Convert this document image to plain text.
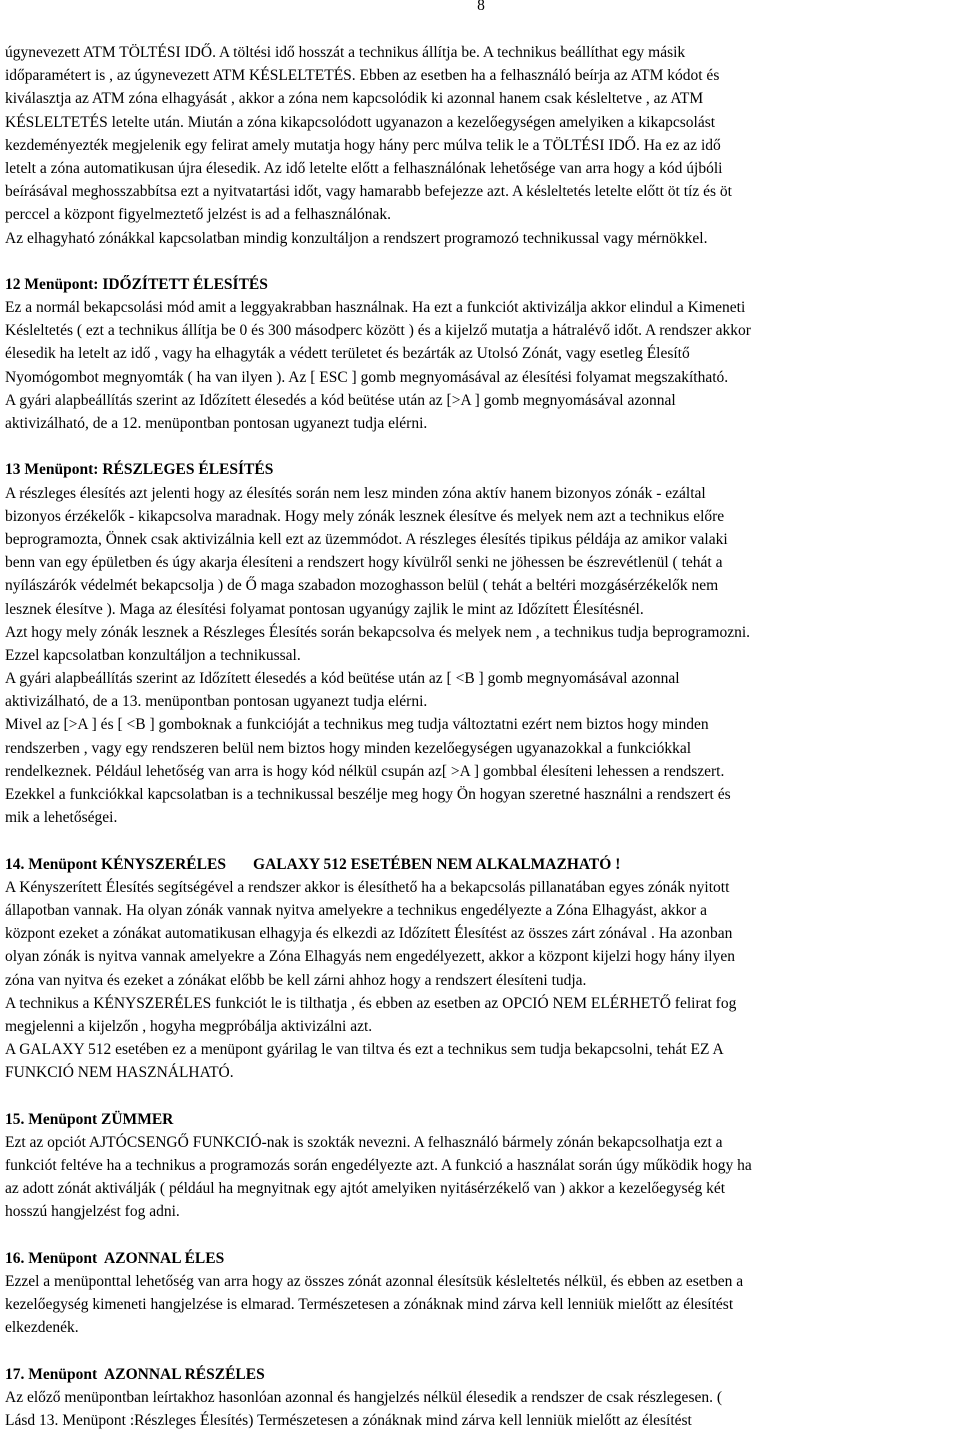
8
úgynevezett ATM TÖLTÉSI IDŐ. A töltési idő hosszát a technikus állítja be. A technikus beállíthat egy másik
időparamétert is , az úgynevezett ATM KÉSLELTETÉS. Ebben az esetben ha a felhasználó beírja az ATM kódot és
kiválasztja az ATM zóna elhagyását , akkor a zóna nem kapcsolódik ki azonnal hanem csak késleltetve , az ATM
KÉSLELTETÉS letelte után. Miután a zóna kikapcsolódott ugyanazon a kezelőegységen amelyiken a kikapcsolást
kezdeményezték megjelenik egy felirat amely mutatja hogy hány perc múlva telik le a TÖLTÉSI IDŐ. Ha ez az idő
letelt a zóna automatikusan újra élesedik. Az idő letelte előtt a felhasználónak lehetősége van arra hogy a kód újbóli
beírásával meghosszabbítsa ezt a nyitvatartási időt, vagy hamarabb befejezze azt. A késleltetés letelte előtt öt tíz és öt
perccel a központ figyelmeztető jelzést is ad a felhasználónak.
Az elhagyható zónákkal kapcsolatban mindig konzultáljon a rendszert programozó technikussal vagy mérnökkel.
12 Menüpont: IDŐZÍTETT ÉLESÍTÉS
Ez a normál bekapcsolási mód amit a leggyakrabban használnak. Ha ezt a funkciót aktivizálja akkor elindul a Kimeneti
Késleltetés ( ezt a technikus állítja be 0 és 300 másodperc között ) és a kijelző mutatja a hátralévő időt. A rendszer akkor
élesedik ha letelt az idő , vagy ha elhagyták a védett területet és bezárták az Utolsó Zónát, vagy esetleg Élesítő
Nyomógombot megnyomták ( ha van ilyen ). Az [ ESC ] gomb megnyomásával az élesítési folyamat megszakítható.
A gyári alapbeállítás szerint az Időzített élesedés a kód beütése után az [>A ] gomb megnyomásával azonnal
aktivizálható, de a 12. menüpontban pontosan ugyanezt tudja elérni.
13 Menüpont: RÉSZLEGES ÉLESÍTÉS
A részleges élesítés azt jelenti hogy az élesítés során nem lesz minden zóna aktív hanem bizonyos zónák - ezáltal
bizonyos érzékelők - kikapcsolva maradnak. Hogy mely zónák lesznek élesítve és melyek nem azt a technikus előre
beprogramozta, Önnek csak aktivizálnia kell ezt az üzemmódot. A részleges élesítés tipikus példája az amikor valaki
benn van egy épületben és úgy akarja élesíteni a rendszert hogy kívülről senki ne jöhessen be észrevétlenül ( tehát a
nyílászárók védelmét bekapcsolja ) de Ő maga szabadon mozoghasson belül ( tehát a beltéri mozgásérzékelők nem
lesznek élesítve ). Maga az élesítési folyamat pontosan ugyanúgy zajlik le mint az Időzített Élesítésnél.
Azt hogy mely zónák lesznek a Részleges Élesítés során bekapcsolva és melyek nem , a technikus tudja beprogramozni.
Ezzel kapcsolatban konzultáljon a technikussal.
A gyári alapbeállítás szerint az Időzített élesedés a kód beütése után az [ <B ] gomb megnyomásával azonnal
aktivizálható, de a 13. menüpontban pontosan ugyanezt tudja elérni.
Mivel az [>A ] és [ <B ] gomboknak a funkcióját a technikus meg tudja változtatni ezért nem biztos hogy minden
rendszerben , vagy egy rendszeren belül nem biztos hogy minden kezelőegységen ugyanazokkal a funkciókkal
rendelkeznek. Például lehetőség van arra is hogy kód nélkül csupán az[ >A ] gombbal élesíteni lehessen a rendszert.
Ezekkel a funkciókkal kapcsolatban is a technikussal beszélje meg hogy Ön hogyan szeretné használni a rendszert és
mik a lehetőségei.
14. Menüpont KÉNYSZERÉLES       GALAXY 512 ESETÉBEN NEM ALKALMAZHATÓ !
A Kényszerített Élesítés segítségével a rendszer akkor is élesíthető ha a bekapcsolás pillanatában egyes zónák nyitott
állapotban vannak. Ha olyan zónák vannak nyitva amelyekre a technikus engedélyezte a Zóna Elhagyást, akkor a
központ ezeket a zónákat automatikusan elhagyja és elkezdi az Időzített Élesítést az összes zárt zónával . Ha azonban
olyan zónák is nyitva vannak amelyekre a Zóna Elhagyás nem engedélyezett, akkor a központ kijelzi hogy hány ilyen
zóna van nyitva és ezeket a zónákat előbb be kell zárni ahhoz hogy a rendszert élesíteni tudja.
A technikus a KÉNYSZERÉLES funkciót le is tilthatja , és ebben az esetben az OPCIÓ NEM ELÉRHETŐ felirat fog
megjelenni a kijelzőn , hogyha megpróbálja aktivizálni azt.
A GALAXY 512 esetében ez a menüpont gyárilag le van tiltva és ezt a technikus sem tudja bekapcsolni, tehát EZ A
FUNKCIÓ NEM HASZNÁLHATÓ.
15. Menüpont ZÜMMER
Ezt az opciót AJTÓCSENGŐ FUNKCIÓ-nak is szokták nevezni. A felhasználó bármely zónán bekapcsolhatja ezt a
funkciót feltéve ha a technikus a programozás során engedélyezte azt. A funkció a használat során úgy működik hogy ha
az adott zónát aktiválják ( például ha megnyitnak egy ajtót amelyiken nyitásérzékelő van ) akkor a kezelőegység két
hosszú hangjelzést fog adni.
16. Menüpont  AZONNAL ÉLES
Ezzel a menüponttal lehetőség van arra hogy az összes zónát azonnal élesítsük késleltetés nélkül, és ebben az esetben a
kezelőegység kimeneti hangjelzése is elmarad. Természetesen a zónáknak mind zárva kell lenniük mielőtt az élesítést
elkezdenék.
17. Menüpont  AZONNAL RÉSZÉLES
Az előző menüpontban leírtakhoz hasonlóan azonnal és hangjelzés nélkül élesedik a rendszer de csak részlegesen. (
Lásd 13. Menüpont :Részleges Élesítés) Természetesen a zónáknak mind zárva kell lenniük mielőtt az élesítést
